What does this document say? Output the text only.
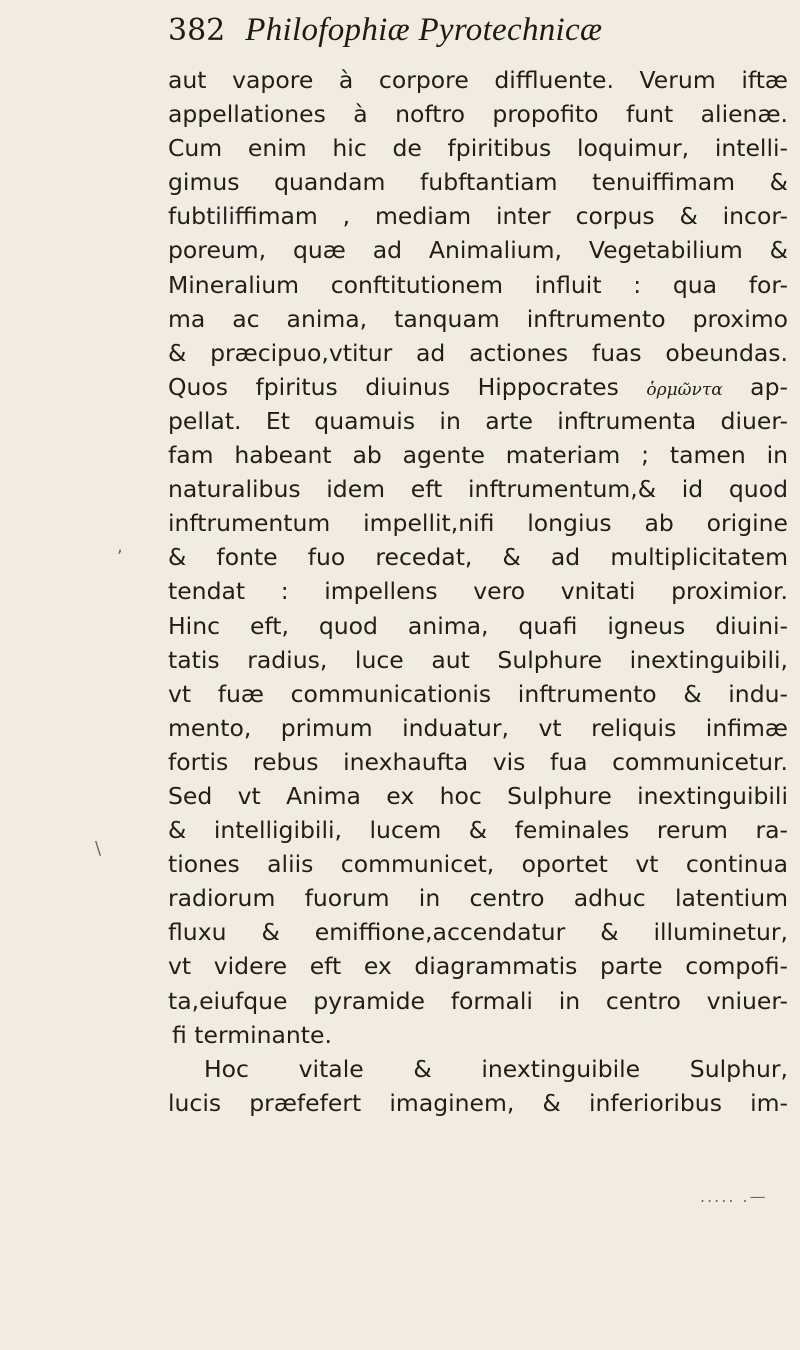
382 Philofophiæ Pyrotechnicæ
aut vapore à corpore diffluente. Verum iftæ
appellationes à noftro propofito funt alienæ.
Cum enim hic de fpiritibus loquimur, intelli-
gimus quandam fubftantiam tenuiffimam &
fubtiliffimam , mediam inter corpus & incor-
poreum, quæ ad Animalium, Vegetabilium &
Mineralium conftitutionem influit : qua for-
ma ac anima, tanquam inftrumento proximo
& præcipuo,vtitur ad actiones fuas obeundas.
Quos fpiritus diuinus Hippocrates ὁρμῶντα ap-
pellat. Et quamuis in arte inftrumenta diuer-
fam habeant ab agente materiam ; tamen in
naturalibus idem eft inftrumentum,& id quod
inftrumentum impellit,nifi longius ab origine
& fonte fuo recedat, & ad multiplicitatem
tendat : impellens vero vnitati proximior.
Hinc eft, quod anima, quafi igneus diuini-
tatis radius, luce aut Sulphure inextinguibili,
vt fuæ communicationis inftrumento & indu-
mento, primum induatur, vt reliquis infimæ
fortis rebus inexhaufta vis fua communicetur.
Sed vt Anima ex hoc Sulphure inextinguibili
& intelligibili, lucem & feminales rerum ra-
tiones aliis communicet, oportet vt continua
radiorum fuorum in centro adhuc latentium
fluxu & emiffione,accendatur & illuminetur,
vt videre eft ex diagrammatis parte compofi-
ta,eiufque pyramide formali in centro vniuer-
fi terminante.
Hoc vitale & inextinguibile Sulphur,
lucis præfefert imaginem, & inferioribus im-
,
\
..... .—
